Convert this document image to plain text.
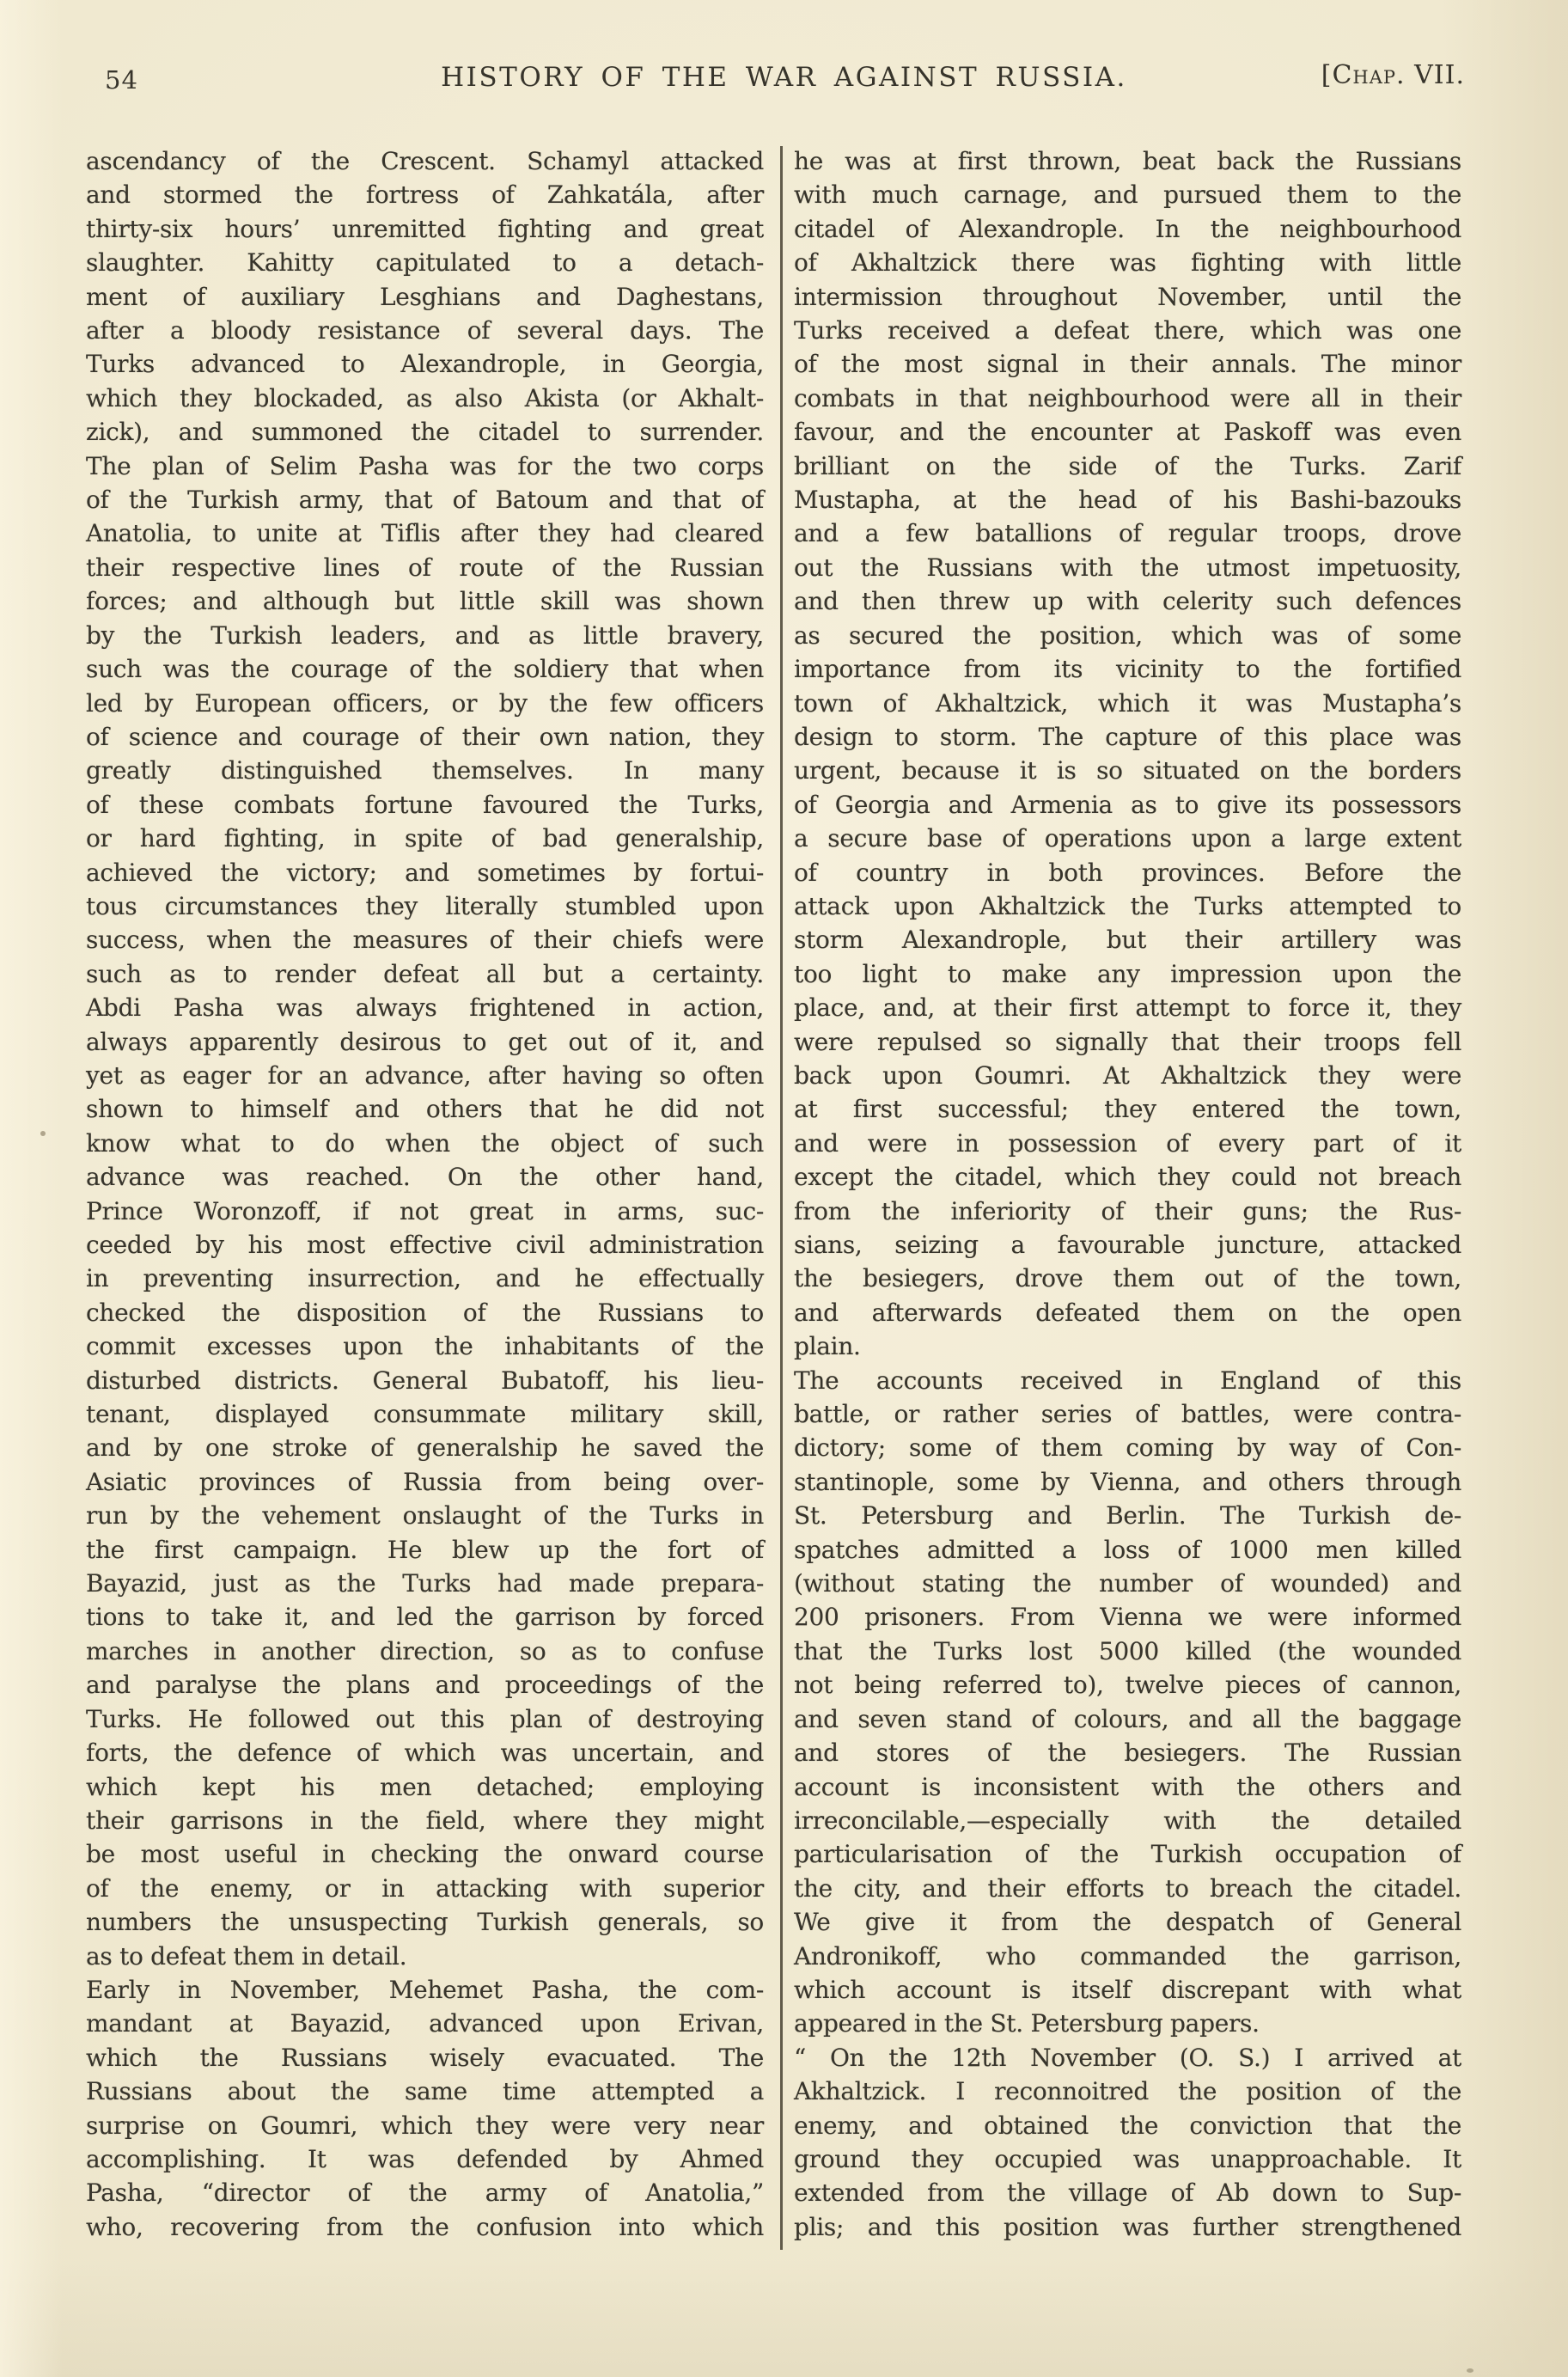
HISTORY OF THE WAR AGAINST RUSSIA.
54	[Chap. VII.
ascendancy of the Crescent. Schamyl attacked
and stormed the fortress of Zahkatála, after
thirty-six hours’ unremitted fighting and great
slaughter. Kahitty capitulated to a detach-
ment of auxiliary Lesghians and Daghestans,
after a bloody resistance of several days. The
Turks advanced to Alexandrople, in Georgia,
which they blockaded, as also Akista (or Akhalt-
zick), and summoned the citadel to surrender.
The plan of Selim Pasha was for the two corps
of the Turkish army, that of Batoum and that of
Anatolia, to unite at Tiflis after they had cleared
their respective lines of route of the Russian
forces; and although but little skill was shown
by the Turkish leaders, and as little bravery,
such was the courage of the soldiery that when
led by European officers, or by the few officers
of science and courage of their own nation, they
greatly distinguished themselves. In many
of these combats fortune favoured the Turks,
or hard fighting, in spite of bad generalship,
achieved the victory; and sometimes by fortui-
tous circumstances they literally stumbled upon
success, when the measures of their chiefs were
such as to render defeat all but a certainty.
Abdi Pasha was always frightened in action,
always apparently desirous to get out of it, and
yet as eager for an advance, after having so often
shown to himself and others that he did not
know what to do when the object of such
advance was reached. On the other hand,
Prince Woronzoff, if not great in arms, suc-
ceeded by his most effective civil administration
in preventing insurrection, and he effectually
checked the disposition of the Russians to
commit excesses upon the inhabitants of the
disturbed districts. General Bubatoff, his lieu-
tenant, displayed consummate military skill,
and by one stroke of generalship he saved the
Asiatic provinces of Russia from being over-
run by the vehement onslaught of the Turks in
the first campaign. He blew up the fort of
Bayazid, just as the Turks had made prepara-
tions to take it, and led the garrison by forced
marches in another direction, so as to confuse
and paralyse the plans and proceedings of the
Turks. He followed out this plan of destroying
forts, the defence of which was uncertain, and
which kept his men detached; employing
their garrisons in the field, where they might
be most useful in checking the onward course
of the enemy, or in attacking with superior
numbers the unsuspecting Turkish generals, so
as to defeat them in detail.
Early in November, Mehemet Pasha, the com-
mandant at Bayazid, advanced upon Erivan,
which the Russians wisely evacuated. The
Russians about the same time attempted a
surprise on Goumri, which they were very near
accomplishing. It was defended by Ahmed
Pasha, “director of the army of Anatolia,”
who, recovering from the confusion into which
he was at first thrown, beat back the Russians
with much carnage, and pursued them to the
citadel of Alexandrople. In the neighbourhood
of Akhaltzick there was fighting with little
intermission throughout November, until the
Turks received a defeat there, which was one
of the most signal in their annals. The minor
combats in that neighbourhood were all in their
favour, and the encounter at Paskoff was even
brilliant on the side of the Turks. Zarif
Mustapha, at the head of his Bashi-bazouks
and a few batallions of regular troops, drove
out the Russians with the utmost impetuosity,
and then threw up with celerity such defences
as secured the position, which was of some
importance from its vicinity to the fortified
town of Akhaltzick, which it was Mustapha’s
design to storm. The capture of this place was
urgent, because it is so situated on the borders
of Georgia and Armenia as to give its possessors
a secure base of operations upon a large extent
of country in both provinces. Before the
attack upon Akhaltzick the Turks attempted to
storm Alexandrople, but their artillery was
too light to make any impression upon the
place, and, at their first attempt to force it, they
were repulsed so signally that their troops fell
back upon Goumri. At Akhaltzick they were
at first successful; they entered the town,
and were in possession of every part of it
except the citadel, which they could not breach
from the inferiority of their guns; the Rus-
sians, seizing a favourable juncture, attacked
the besiegers, drove them out of the town,
and afterwards defeated them on the open
plain.
The accounts received in England of this
battle, or rather series of battles, were contra-
dictory; some of them coming by way of Con-
stantinople, some by Vienna, and others through
St. Petersburg and Berlin. The Turkish de-
spatches admitted a loss of 1000 men killed
(without stating the number of wounded) and
200 prisoners. From Vienna we were informed
that the Turks lost 5000 killed (the wounded
not being referred to), twelve pieces of cannon,
and seven stand of colours, and all the baggage
and stores of the besiegers. The Russian
account is inconsistent with the others and
irreconcilable,—especially with the detailed
particularisation of the Turkish occupation of
the city, and their efforts to breach the citadel.
We give it from the despatch of General
Andronikoff, who commanded the garrison,
which account is itself discrepant with what
appeared in the St. Petersburg papers.
“ On the 12th November (O. S.) I arrived at
Akhaltzick. I reconnoitred the position of the
enemy, and obtained the conviction that the
ground they occupied was unapproachable. It
extended from the village of Ab down to Sup-
plis; and this position was further strengthened
